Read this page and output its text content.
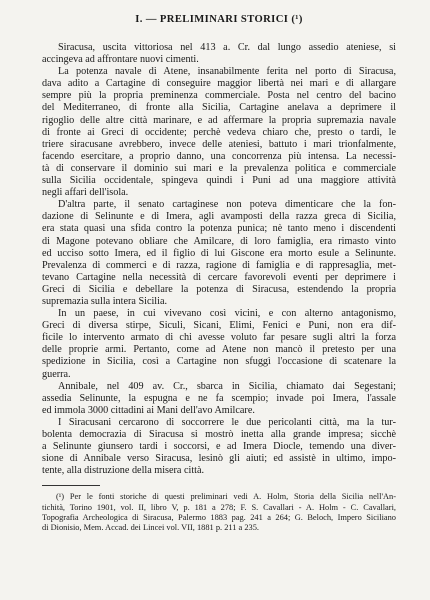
I. — PRELIMINARI STORICI (¹)

Siracusa, uscita vittoriosa nel 413 a. Cr. dal lungo assedio ateniese, si
accingeva ad affrontare nuovi cimenti.

La potenza navale di Atene, insanabilmente ferita nel porto di Siracusa,
dava adito a Cartagine di conseguire maggior libertà nei mari e di allargare
sempre più la propria preminenza commerciale. Posta nel centro del bacino
del Mediterraneo, di fronte alla Sicilia, Cartagine anelava a deprimere il
rigoglio delle altre città marinare, e ad affermare la propria supremazia navale
di fronte ai Greci di occidente; perchè vedeva chiaro che, presto o tardi, le
triere siracusane avrebbero, invece delle ateniesi, battuto i mari trionfalmente,
facendo esercitare, a proprio danno, una concorrenza più intensa. La necessi-
tà di conservare il dominio sui mari e la prevalenza politica e commerciale
sulla Sicilia occidentale, spingeva quindi i Puni ad una maggiore attività
negli affari dell'isola.

D'altra parte, il senato cartaginese non poteva dimenticare che la fon-
dazione di Selinunte e di Imera, agli avamposti della razza greca di Sicilia,
era stata quasi una sfida contro la potenza punica; nè tanto meno i discendenti
di Magone potevano obliare che Amilcare, di loro famiglia, era rimasto vinto
ed ucciso sotto Imera, ed il figlio di lui Giscone era morto esule a Selinunte.
Prevalenza di commerci e di razza, ragione di famiglia e di rappresaglia, met-
tevano Cartagine nella necessità di cercare favorevoli eventi per deprimere i
Greci di Sicilia e debellare la potenza di Siracusa, estendendo la propria
supremazia sulla intera Sicilia.

In un paese, in cui vivevano così vicini, e con alterno antagonismo,
Greci di diversa stirpe, Siculi, Sicani, Elimi, Fenici e Puni, non era dif-
ficile lo intervento armato di chi avesse voluto far pesare sugli altri la forza
delle proprie armi. Pertanto, come ad Atene non mancò il pretesto per una
spedizione in Sicilia, così a Cartagine non sfuggì l'occasione di scatenare la
guerra.

Annibale, nel 409 av. Cr., sbarca in Sicilia, chiamato dai Segestani;
assedia Selinunte, la espugna e ne fa scempio; invade poi Imera, l'assale
ed immola 3000 cittadini ai Mani dell'avo Amilcare.

I Siracusani cercarono di soccorrere le due pericolanti città, ma la tur-
bolenta democrazia di Siracusa si mostrò inetta alla grande impresa; sicchè
a Selinunte giunsero tardi i soccorsi, e ad Imera Diocle, temendo una diver-
sione di Annibale verso Siracusa, lesinò gli aiuti; ed assistè in ultimo, impo-
tente, alla distruzione della misera città.

(¹) Per le fonti storiche di questi preliminari vedi A. Holm, Storia della Sicilia nell'An-
tichità, Torino 1901, vol. II, libro V, p. 181 a 278; F. S. Cavallari - A. Holm - C. Cavallari,
Topografia Archeologica di Siracusa, Palermo 1883 pag. 241 a 264; G. Beloch, Impero Siciliano
di Dionisio, Mem. Accad. dei Lincei vol. VII, 1881 p. 211 a 235.
